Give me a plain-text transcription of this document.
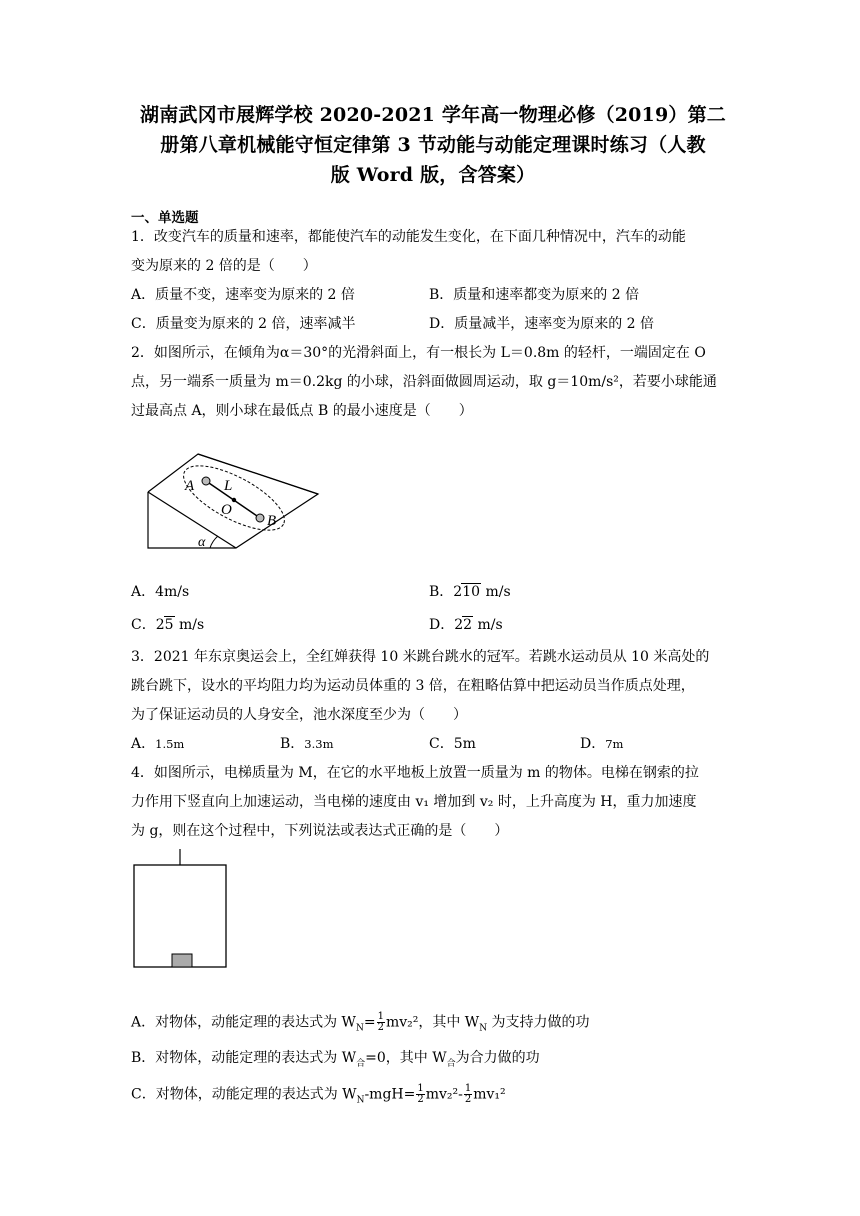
湖南武冈市展辉学校 2020-2021 学年高一物理必修（2019）第二
册第八章机械能守恒定律第 3 节动能与动能定理课时练习（人教
版 Word 版，含答案）
一、单选题
1．改变汽车的质量和速率，都能使汽车的动能发生变化，在下面几种情况中，汽车的动能
变为原来的 2 倍的是（　　）
A．质量不变，速率变为原来的 2 倍	B．质量和速率都变为原来的 2 倍
C．质量变为原来的 2 倍，速率减半	D．质量减半，速率变为原来的 2 倍
2．如图所示，在倾角为α＝30°的光滑斜面上，有一根长为 L＝0.8m 的轻杆，一端固定在 O
点，另一端系一质量为 m＝0.2kg 的小球，沿斜面做圆周运动，取 g＝10m/s²，若要小球能通
过最高点 A，则小球在最低点 B 的最小速度是（　　）
A L
O
B
α
A．4m/s	B．210 m/s
C．25 m/s	D．22 m/s
3．2021 年东京奥运会上，全红婵获得 10 米跳台跳水的冠军。若跳水运动员从 10 米高处的
跳台跳下，设水的平均阻力均为运动员体重的 3 倍，在粗略估算中把运动员当作质点处理，
为了保证运动员的人身安全，池水深度至少为（　　）
A．1.5m	B．3.3m	C．5m	D．7m
4．如图所示，电梯质量为 M，在它的水平地板上放置一质量为 m 的物体。电梯在钢索的拉
力作用下竖直向上加速运动，当电梯的速度由 v₁ 增加到 v₂ 时，上升高度为 H，重力加速度
为 g，则在这个过程中，下列说法或表达式正确的是（　　）
A．对物体，动能定理的表达式为 $W_N= \frac{1}{2} mv_2^2$，其中 $W_N$ 为支持力做的功
B．对物体，动能定理的表达式为 $W_合=0$，其中 $W_合$为合力做的功
C．对物体，动能定理的表达式为 $W_N-mgH= \frac{1}{2} mv_2^2- \frac{1}{2} mv_1^2$
